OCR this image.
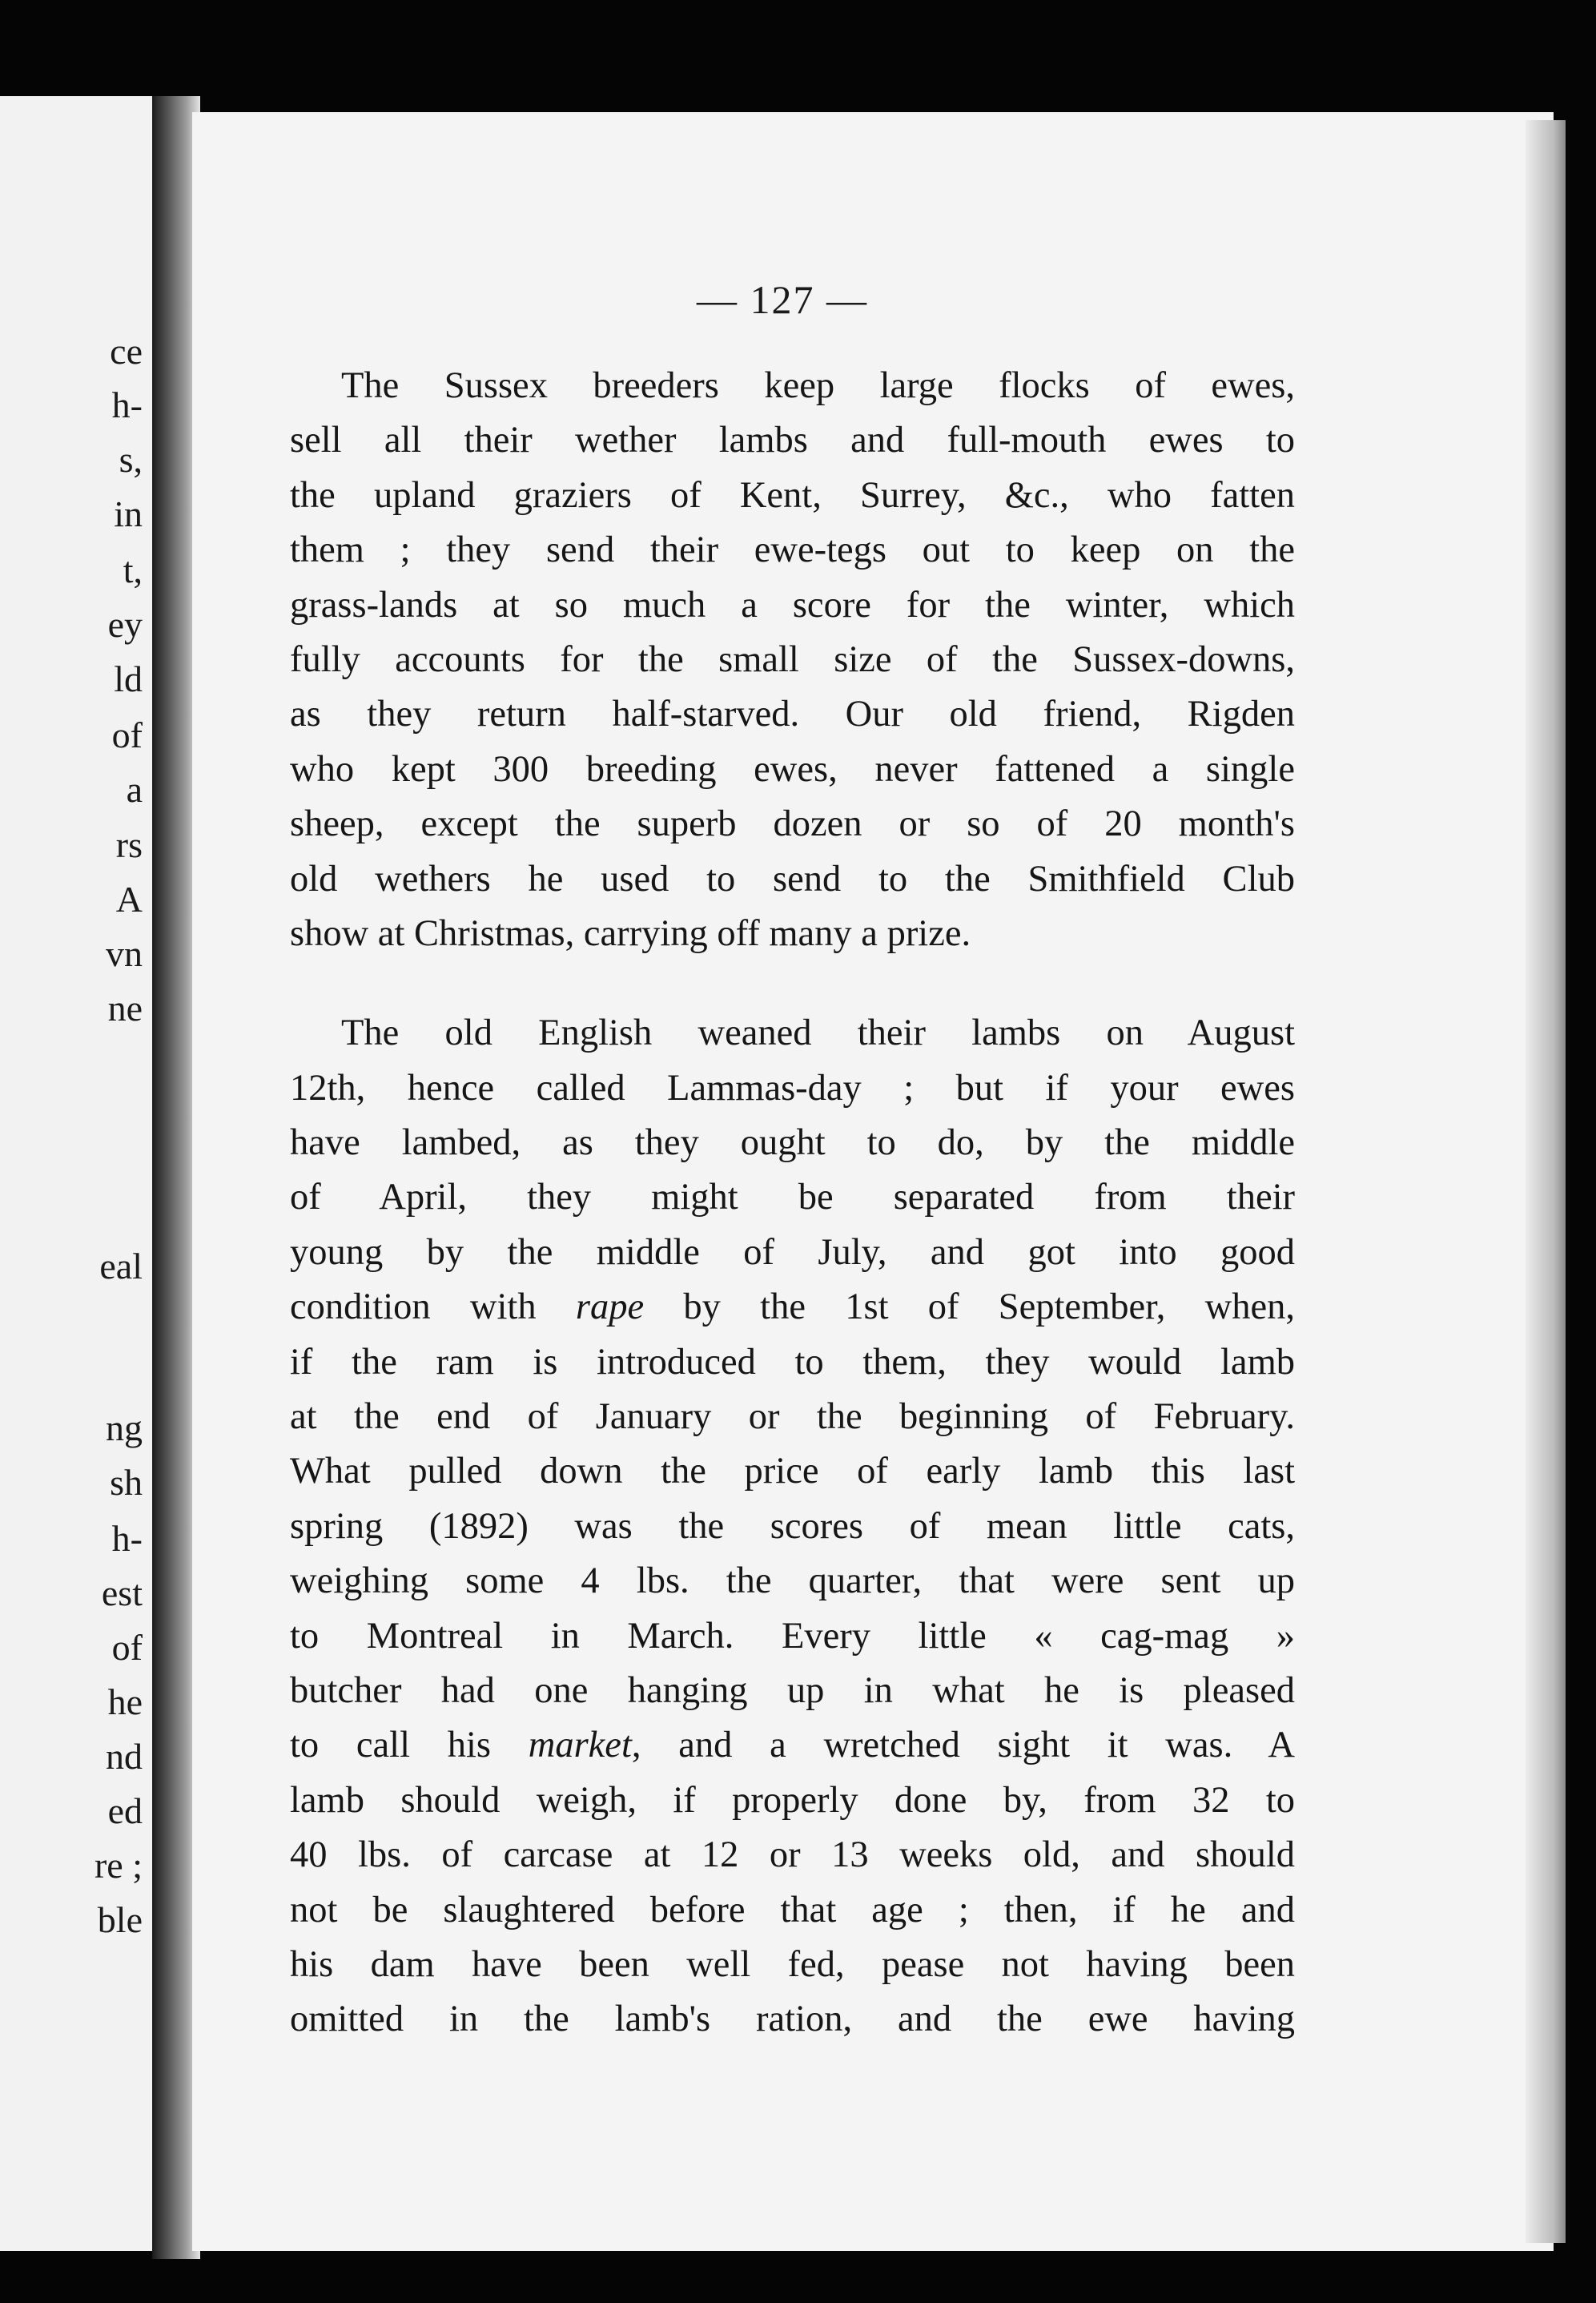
ce
h-
s,
in
t,
ey
ld
of
a
rs
A
vn
ne
eal
ng
sh
h-
est
of
he
nd
ed
re ;
ble
— 127 —
The Sussex breeders keep large flocks of ewes,
sell all their wether lambs and full-mouth ewes to
the upland graziers of Kent, Surrey, &c., who fatten
them ; they send their ewe-tegs out to keep on the
grass-lands at so much a score for the winter, which
fully accounts for the small size of the Sussex-downs,
as they return half-starved. Our old friend, Rigden
who kept 300 breeding ewes, never fattened a single
sheep, except the superb dozen or so of 20 month's
old wethers he used to send to the Smithfield Club
show at Christmas, carrying off many a prize.
The old English weaned their lambs on August
12th, hence called Lammas-day ; but if your ewes
have lambed, as they ought to do, by the middle
of April, they might be separated from their
young by the middle of July, and got into good
condition with rape by the 1st of September, when,
if the ram is introduced to them, they would lamb
at the end of January or the beginning of February.
What pulled down the price of early lamb this last
spring (1892) was the scores of mean little cats,
weighing some 4 lbs. the quarter, that were sent up
to Montreal in March. Every little « cag-mag »
butcher had one hanging up in what he is pleased
to call his market, and a wretched sight it was. A
lamb should weigh, if properly done by, from 32 to
40 lbs. of carcase at 12 or 13 weeks old, and should
not be slaughtered before that age ; then, if he and
his dam have been well fed, pease not having been
omitted in the lamb's ration, and the ewe having
